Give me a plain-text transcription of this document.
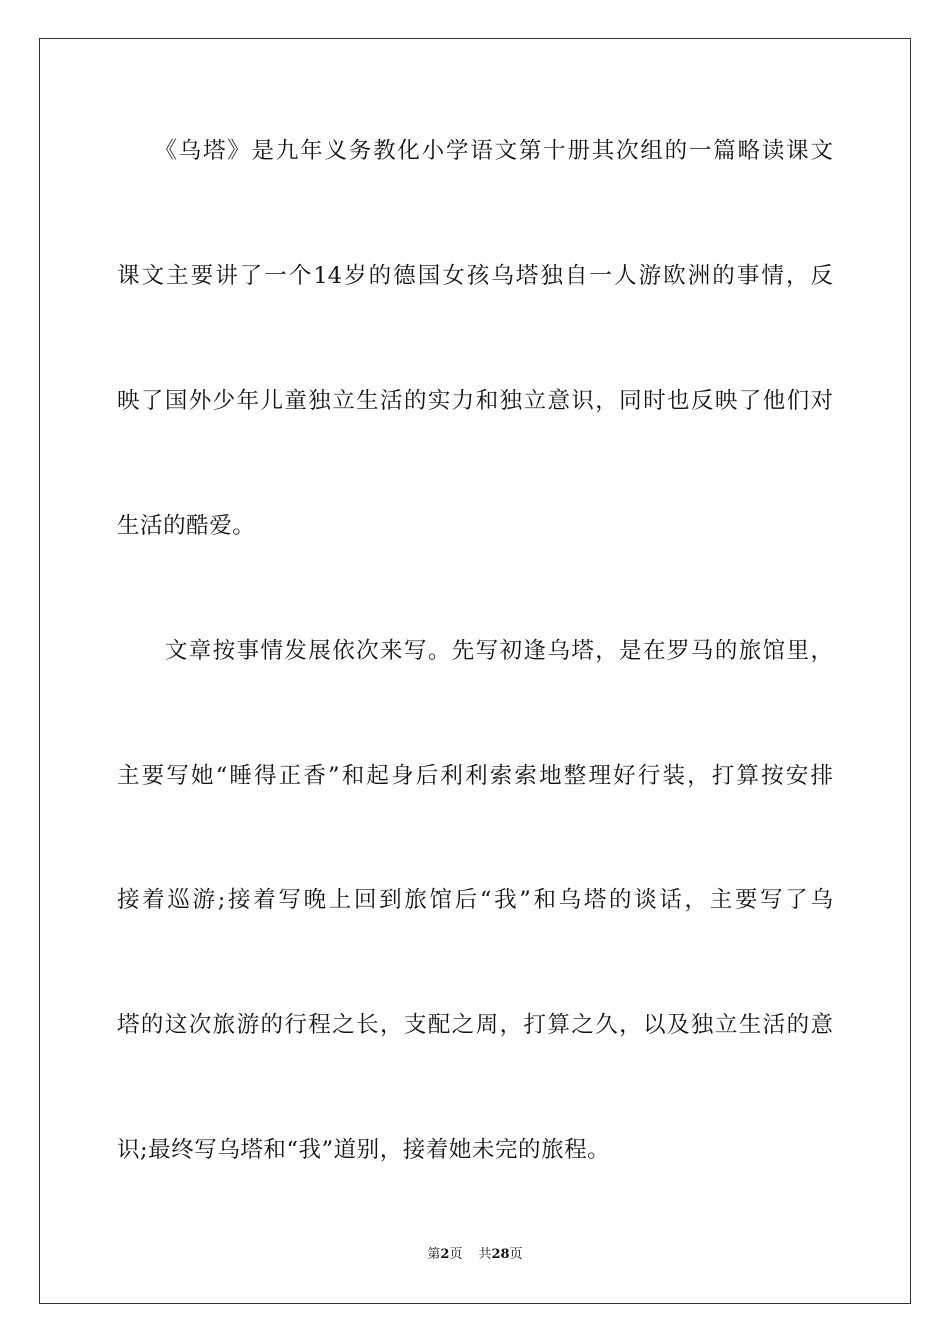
　　《乌塔》是九年义务教化小学语文第十册其次组的一篇略读课文
课文主要讲了一个14岁的德国女孩乌塔独自一人游欧洲的事情，反
映了国外少年儿童独立生活的实力和独立意识，同时也反映了他们对
生活的酷爱。
　　文章按事情发展依次来写。先写初逢乌塔，是在罗马的旅馆里，
主要写她“睡得正香”和起身后利利索索地整理好行装，打算按安排
接着巡游;接着写晚上回到旅馆后“我”和乌塔的谈话，主要写了乌
塔的这次旅游的行程之长，支配之周，打算之久，以及独立生活的意
识;最终写乌塔和“我”道别，接着她未完的旅程。
第2页 共28页
